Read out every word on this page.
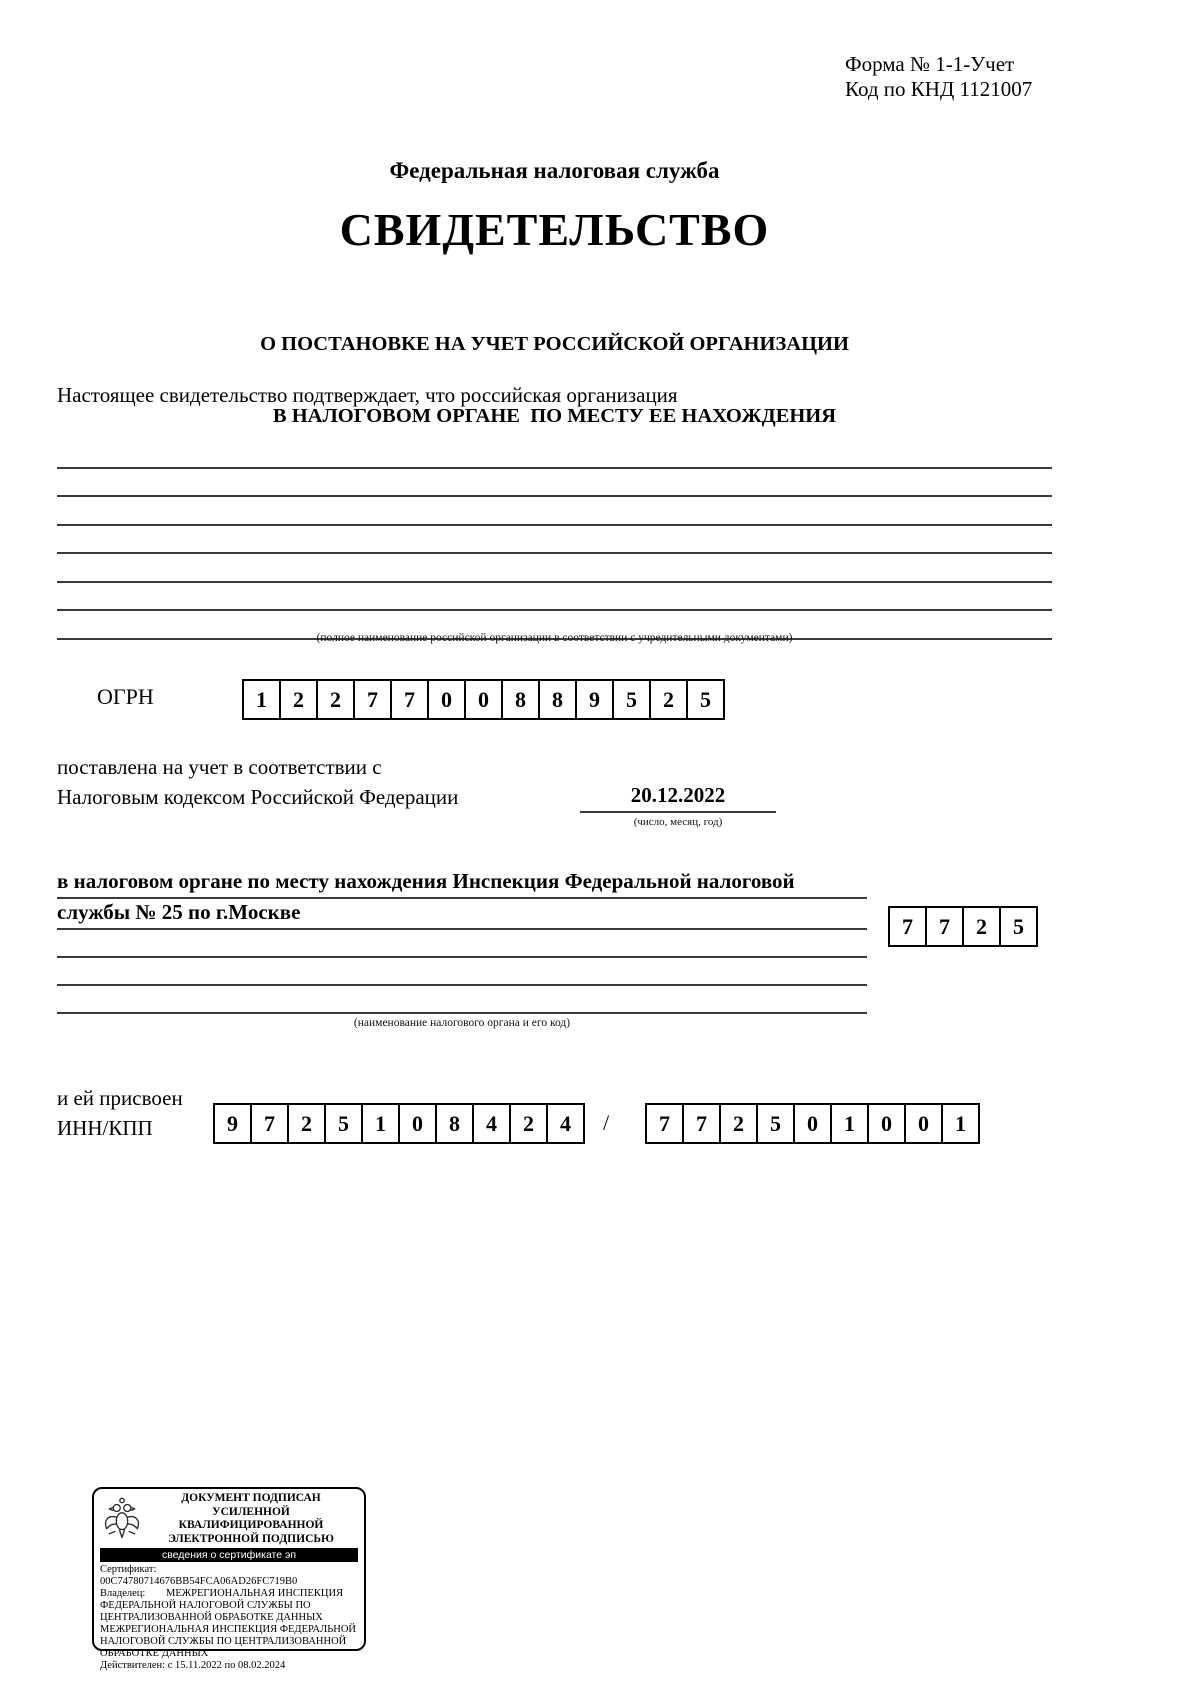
Форма № 1-1-Учет
Код по КНД 1121007
Федеральная налоговая служба
СВИДЕТЕЛЬСТВО

О ПОСТАНОВКЕ НА УЧЕТ РОССИЙСКОЙ ОРГАНИЗАЦИИ

В НАЛОГОВОМ ОРГАНЕ  ПО МЕСТУ ЕЕ НАХОЖДЕНИЯ

Настоящее свидетельство подтверждает, что российская организация
(полное наименование российской организации в соответствии с учредительными документами)
ОГРН	1	2	2	7	7	0	0	8	8	9	5	2	5
поставлена на учет в соответствии с
Налоговым кодексом Российской Федерации	20.12.2022
(число, месяц, год)
в налоговом органе по месту нахождения Инспекция Федеральной налоговой
службы № 25 по г.Москве
7	7	2	5
(наименование налогового органа и его код)
и ей присвоен
ИНН/КПП	9	7	2	5	1	0	8	4	2	4	/	7	7	2	5	0	1	0	0	1
ДОКУМЕНТ ПОДПИСАН
УСИЛЕННОЙ КВАЛИФИЦИРОВАННОЙ
ЭЛЕКТРОННОЙ ПОДПИСЬЮ
сведения о сертификате эп
Сертификат:00C74780714676BB54FCA06AD26FC719B0
Владелец: МЕЖРЕГИОНАЛЬНАЯ ИНСПЕКЦИЯ
ФЕДЕРАЛЬНОЙ НАЛОГОВОЙ СЛУЖБЫ ПО
ЦЕНТРАЛИЗОВАННОЙ ОБРАБОТКЕ ДАННЫХ
МЕЖРЕГИОНАЛЬНАЯ ИНСПЕКЦИЯ ФЕДЕРАЛЬНОЙ
НАЛОГОВОЙ СЛУЖБЫ ПО ЦЕНТРАЛИЗОВАННОЙ
ОБРАБОТКЕ ДАННЫХ
Действителен: с 15.11.2022 по 08.02.2024
